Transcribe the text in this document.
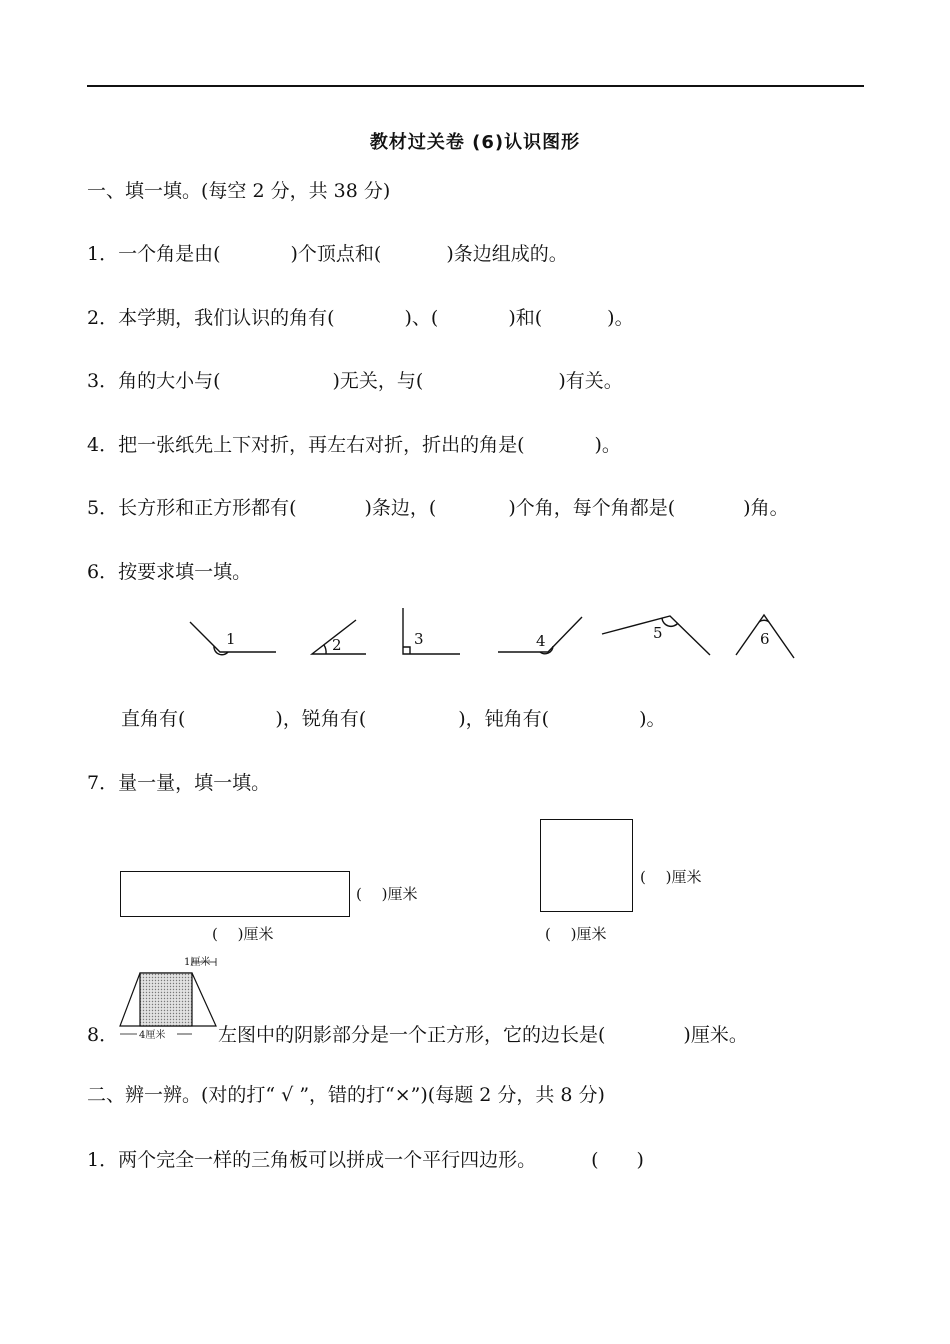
教材过关卷 (6)认识图形
一、填一填。(每空 2 分，共 38 分)
1．一个角是由(	)个顶点和(	)条边组成的。
2．本学期，我们认识的角有(	)、(	)和(	)。
3．角的大小与(	)无关，与(	)有关。
4．把一张纸先上下对折，再左右对折，折出的角是(	)。
5．长方形和正方形都有(	)条边，(	)个角，每个角都是(	)角。
6．按要求填一填。
1	2	3	4	5	6
直角有(	)，锐角有(	)，钝角有(	)。
7．量一量，填一填。
(　 )厘米
(　 )厘米
(　 )厘米
(　 )厘米
1厘米
4厘米
8．	左图中的阴影部分是一个正方形，它的边长是(	)厘米。
二、辨一辨。(对的打“ √ ”，错的打“×”)(每题 2 分，共 8 分)
1．两个完全一样的三角板可以拼成一个平行四边形。	(　　)
